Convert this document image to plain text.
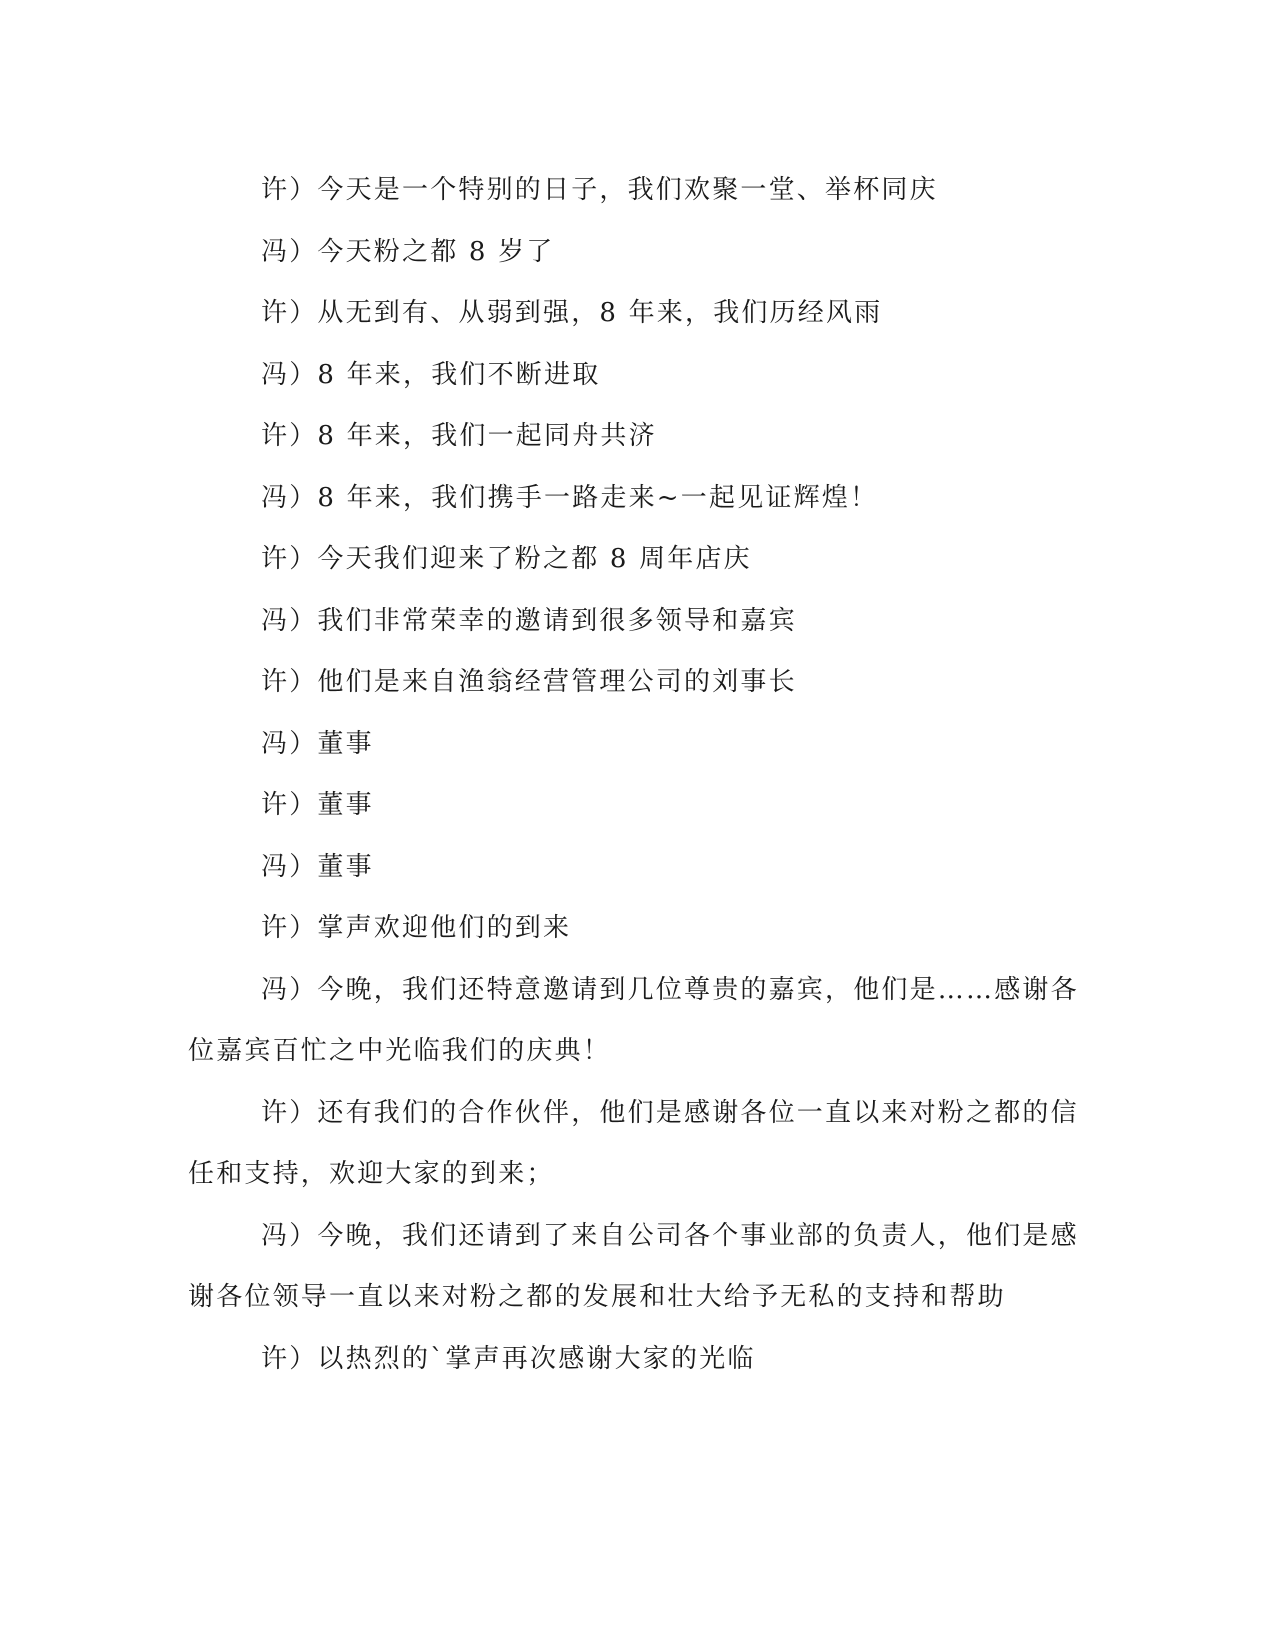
许）今天是一个特别的日子，我们欢聚一堂、举杯同庆

冯）今天粉之都 8 岁了

许）从无到有、从弱到强，8 年来，我们历经风雨

冯）8 年来，我们不断进取

许）8 年来，我们一起同舟共济

冯）8 年来，我们携手一路走来~一起见证辉煌！

许）今天我们迎来了粉之都 8 周年店庆

冯）我们非常荣幸的邀请到很多领导和嘉宾

许）他们是来自渔翁经营管理公司的刘事长

冯）董事

许）董事

冯）董事

许）掌声欢迎他们的到来

冯）今晚，我们还特意邀请到几位尊贵的嘉宾，他们是……感谢各位嘉宾百忙之中光临我们的庆典！

许）还有我们的合作伙伴，他们是感谢各位一直以来对粉之都的信任和支持，欢迎大家的到来；

冯）今晚，我们还请到了来自公司各个事业部的负责人，他们是感谢各位领导一直以来对粉之都的发展和壮大给予无私的支持和帮助

许）以热烈的`掌声再次感谢大家的光临
